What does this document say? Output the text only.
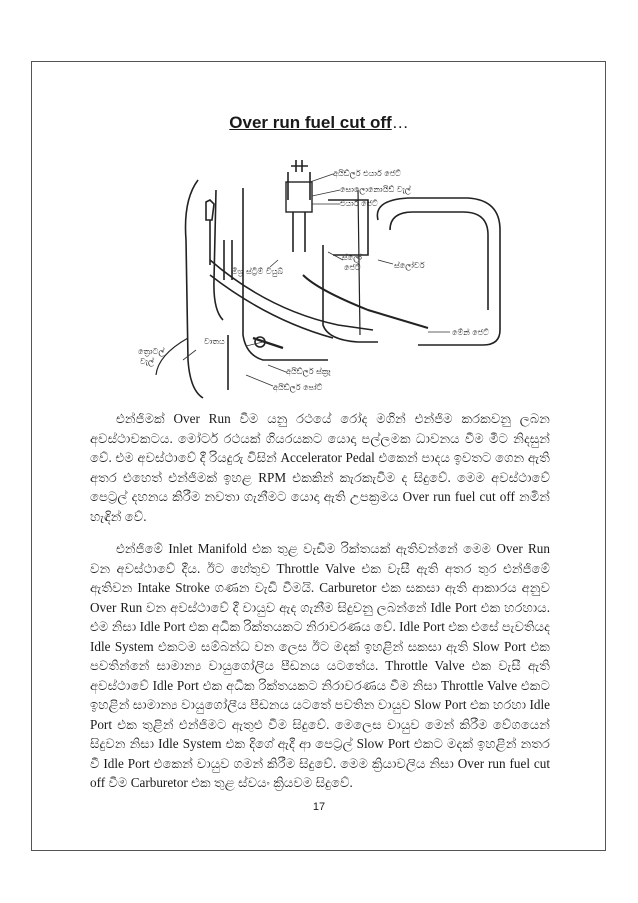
Over run fuel cut off…
අයිඩ්ලර් එයාර් ජෙට්
සොලොනොයිඩ් වැල්
එයාර් ජෙට්
ස්ලෝ
ජෙට්	ස්ලෝවර්
මිශ්‍ර ස්ට්‍රීම් වියුබ්
ත්‍රොටල්
වැල්
වාතය
මේන් ජෙට්
අයිඩ්ලර් ස්ක්‍රෑ
අයිඩ්ලර් පෝට්
එන්ජිමක් Over Run වීම යනු රථයේ රෝද මගින් එන්ජිම කරකවනු ලබන අවස්ථාවකටය. මෝටර් රථයක් ගියරයකට යොදා පල්ලමක ධාවනය වීම මීට නිදසුන් වේ. එම අවස්ථාවේ දී රියදුරු විසින් Accelerator Pedal එකෙන් පාදය ඉවතට ගෙන ඇති අතර එහෙත් එන්ජිමක් ඉහළ RPM එකකින් කැරකැවීම ද සිදුවේ. මෙම අවස්ථාවේ පෙට්‍රල් දහනය කිරීම නවතා ගැනීමට යොදා ඇති උපක්‍රමය Over run fuel cut off නමින් හැඳින් වේ.
එන්ජිමේ Inlet Manifold එක තුළ වැඩිම රික්තයක් ඇතිවන්නේ මෙම Over Run වන අවස්ථාවේ දීය. ඊට හේතුව Throttle Valve එක වැසී ඇති අතර තුර එන්ජිමේ ඇතිවන Intake Stroke ගණන වැඩි වීමයි. Carburetor එක සකසා ඇති ආකාරය අනුව Over Run වන අවස්ථාවේ දී වායුව ඇද ගැනීම සිදුවනු ලබන්නේ Idle Port එක හරහාය. එම නිසා Idle Port එක අධික රික්තයකට නිරාවරණය වේ. Idle Port එක එසේ පැවතියද Idle System එකටම සම්බන්ධ වන ලෙස ඊට මදක් ඉහළින් සකසා ඇති Slow Port එක පවතින්නේ සාමාන්‍ය වායුගෝලීය පීඩනය යටතේය. Throttle Valve එක වැසී ඇති අවස්ථාවේ Idle Port එක අධික රික්තයකට නිරාවරණය වීම නිසා Throttle Valve එකට ඉහළින් සාමාන්‍ය වායුගෝලීය පීඩනය යටතේ පවතින වායුව Slow Port එක හරහා Idle Port එක තුළින් එන්ජිමට ඇතුළු වීම සිදුවේ. මෙලෙස වායුව මෙන් කිරීම වේගයෙන් සිදුවන නිසා Idle System එක දිගේ ඇදී ආ පෙට්‍රල් Slow Port එකට මදක් ඉහළින් නතර වී Idle Port එකෙන් වායුව ගමන් කිරීම සිදුවේ. මෙම ක්‍රියාවලිය නිසා Over run fuel cut off වීම Carburetor එක තුළ ස්වයං ක්‍රියවම සිදුවේ.
17
